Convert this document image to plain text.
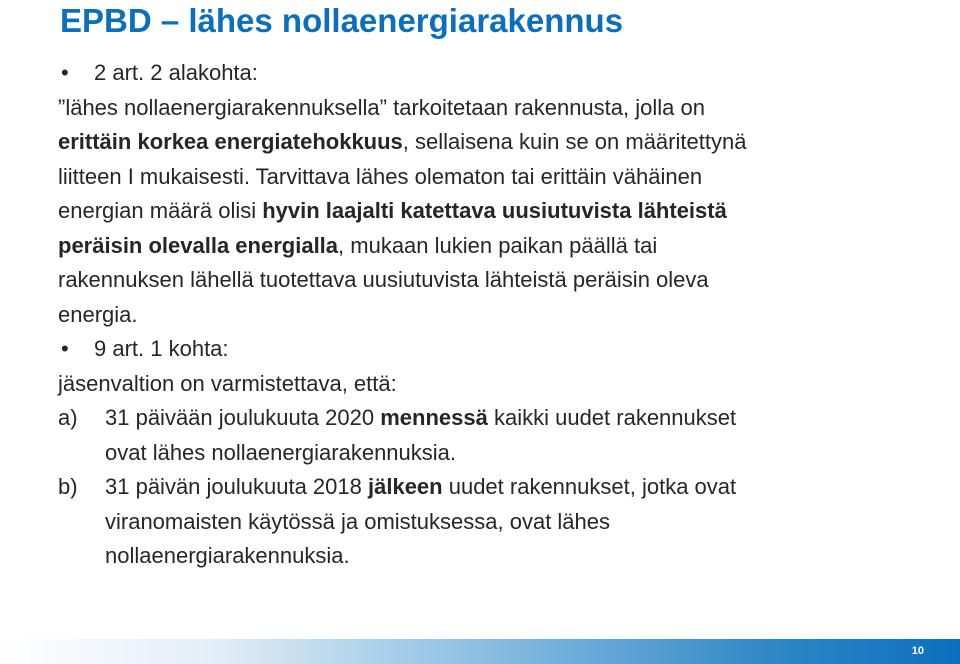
EPBD – lähes nollaenergiarakennus
• 2 art. 2 alakohta:
”lähes nollaenergiarakennuksella” tarkoitetaan rakennusta, jolla on
erittäin korkea energiatehokkuus, sellaisena kuin se on määritettynä
liitteen I mukaisesti. Tarvittava lähes olematon tai erittäin vähäinen
energian määrä olisi hyvin laajalti katettava uusiutuvista lähteistä
peräisin olevalla energialla, mukaan lukien paikan päällä tai
rakennuksen lähellä tuotettava uusiutuvista lähteistä peräisin oleva
energia.
• 9 art. 1 kohta:
jäsenvaltion on varmistettava, että:
a) 31 päivään joulukuuta 2020 mennessä kaikki uudet rakennukset
ovat lähes nollaenergiarakennuksia.
b) 31 päivän joulukuuta 2018 jälkeen uudet rakennukset, jotka ovat
viranomaisten käytössä ja omistuksessa, ovat lähes
nollaenergiarakennuksia.
10
